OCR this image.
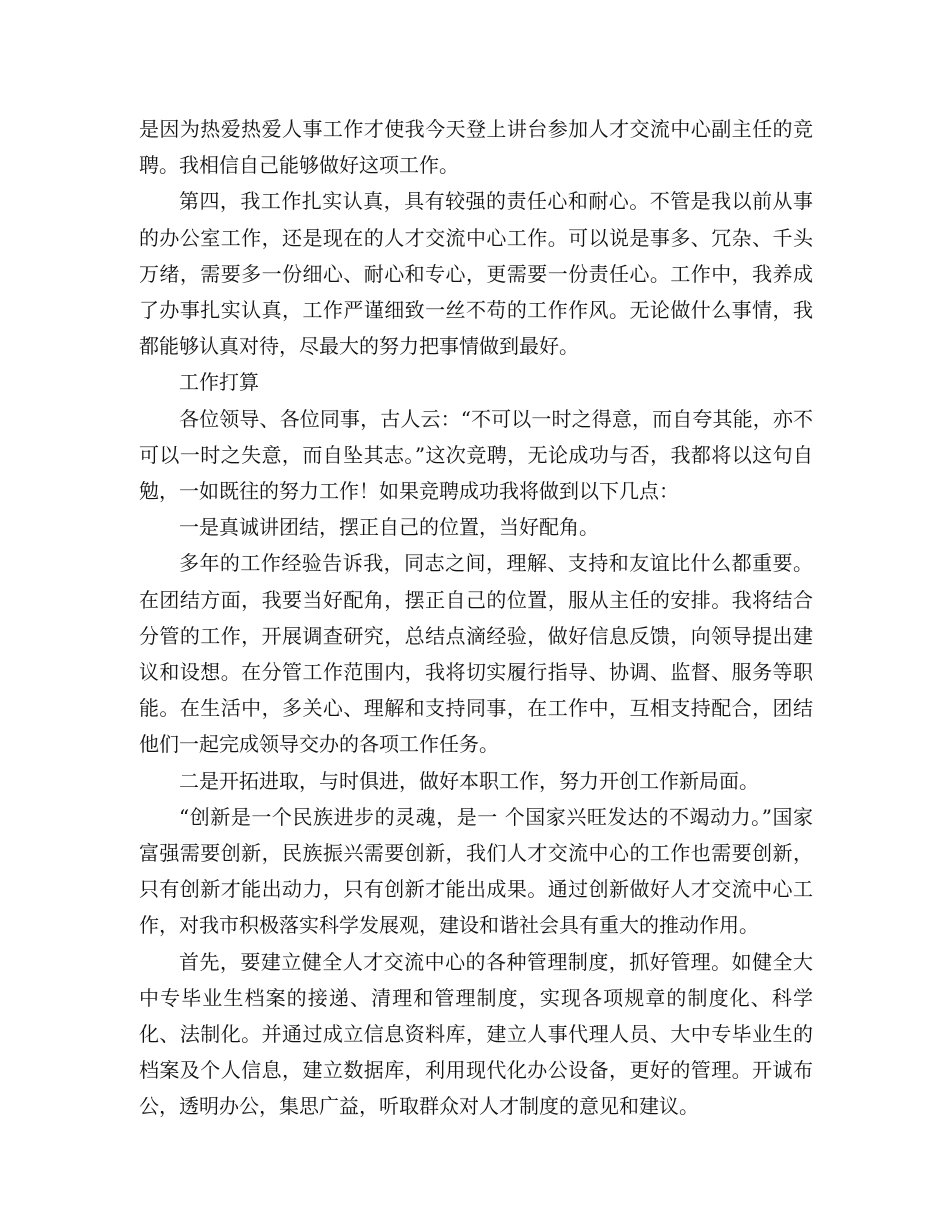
是因为热爱热爱人事工作才使我今天登上讲台参加人才交流中心副主任的竞聘。我相信自己能够做好这项工作。

第四，我工作扎实认真，具有较强的责任心和耐心。不管是我以前从事的办公室工作，还是现在的人才交流中心工作。可以说是事多、冗杂、千头万绪，需要多一份细心、耐心和专心，更需要一份责任心。工作中，我养成了办事扎实认真，工作严谨细致一丝不苟的工作作风。无论做什么事情，我都能够认真对待，尽最大的努力把事情做到最好。

工作打算

各位领导、各位同事，古人云：“不可以一时之得意，而自夸其能，亦不可以一时之失意，而自坠其志。”这次竞聘，无论成功与否，我都将以这句自勉，一如既往的努力工作！如果竞聘成功我将做到以下几点：

一是真诚讲团结，摆正自己的位置，当好配角。

多年的工作经验告诉我，同志之间，理解、支持和友谊比什么都重要。在团结方面，我要当好配角，摆正自己的位置，服从主任的安排。我将结合分管的工作，开展调查研究，总结点滴经验，做好信息反馈，向领导提出建议和设想。在分管工作范围内，我将切实履行指导、协调、监督、服务等职能。在生活中，多关心、理解和支持同事，在工作中，互相支持配合，团结他们一起完成领导交办的各项工作任务。

二是开拓进取，与时俱进，做好本职工作，努力开创工作新局面。

“创新是一个民族进步的灵魂，是一 个国家兴旺发达的不竭动力。”国家富强需要创新，民族振兴需要创新，我们人才交流中心的工作也需要创新，只有创新才能出动力，只有创新才能出成果。通过创新做好人才交流中心工作，对我市积极落实科学发展观，建设和谐社会具有重大的推动作用。

首先，要建立健全人才交流中心的各种管理制度，抓好管理。如健全大中专毕业生档案的接递、清理和管理制度，实现各项规章的制度化、科学化、法制化。并通过成立信息资料库，建立人事代理人员、大中专毕业生的档案及个人信息，建立数据库，利用现代化办公设备，更好的管理。开诚布公，透明办公，集思广益，听取群众对人才制度的意见和建议。
